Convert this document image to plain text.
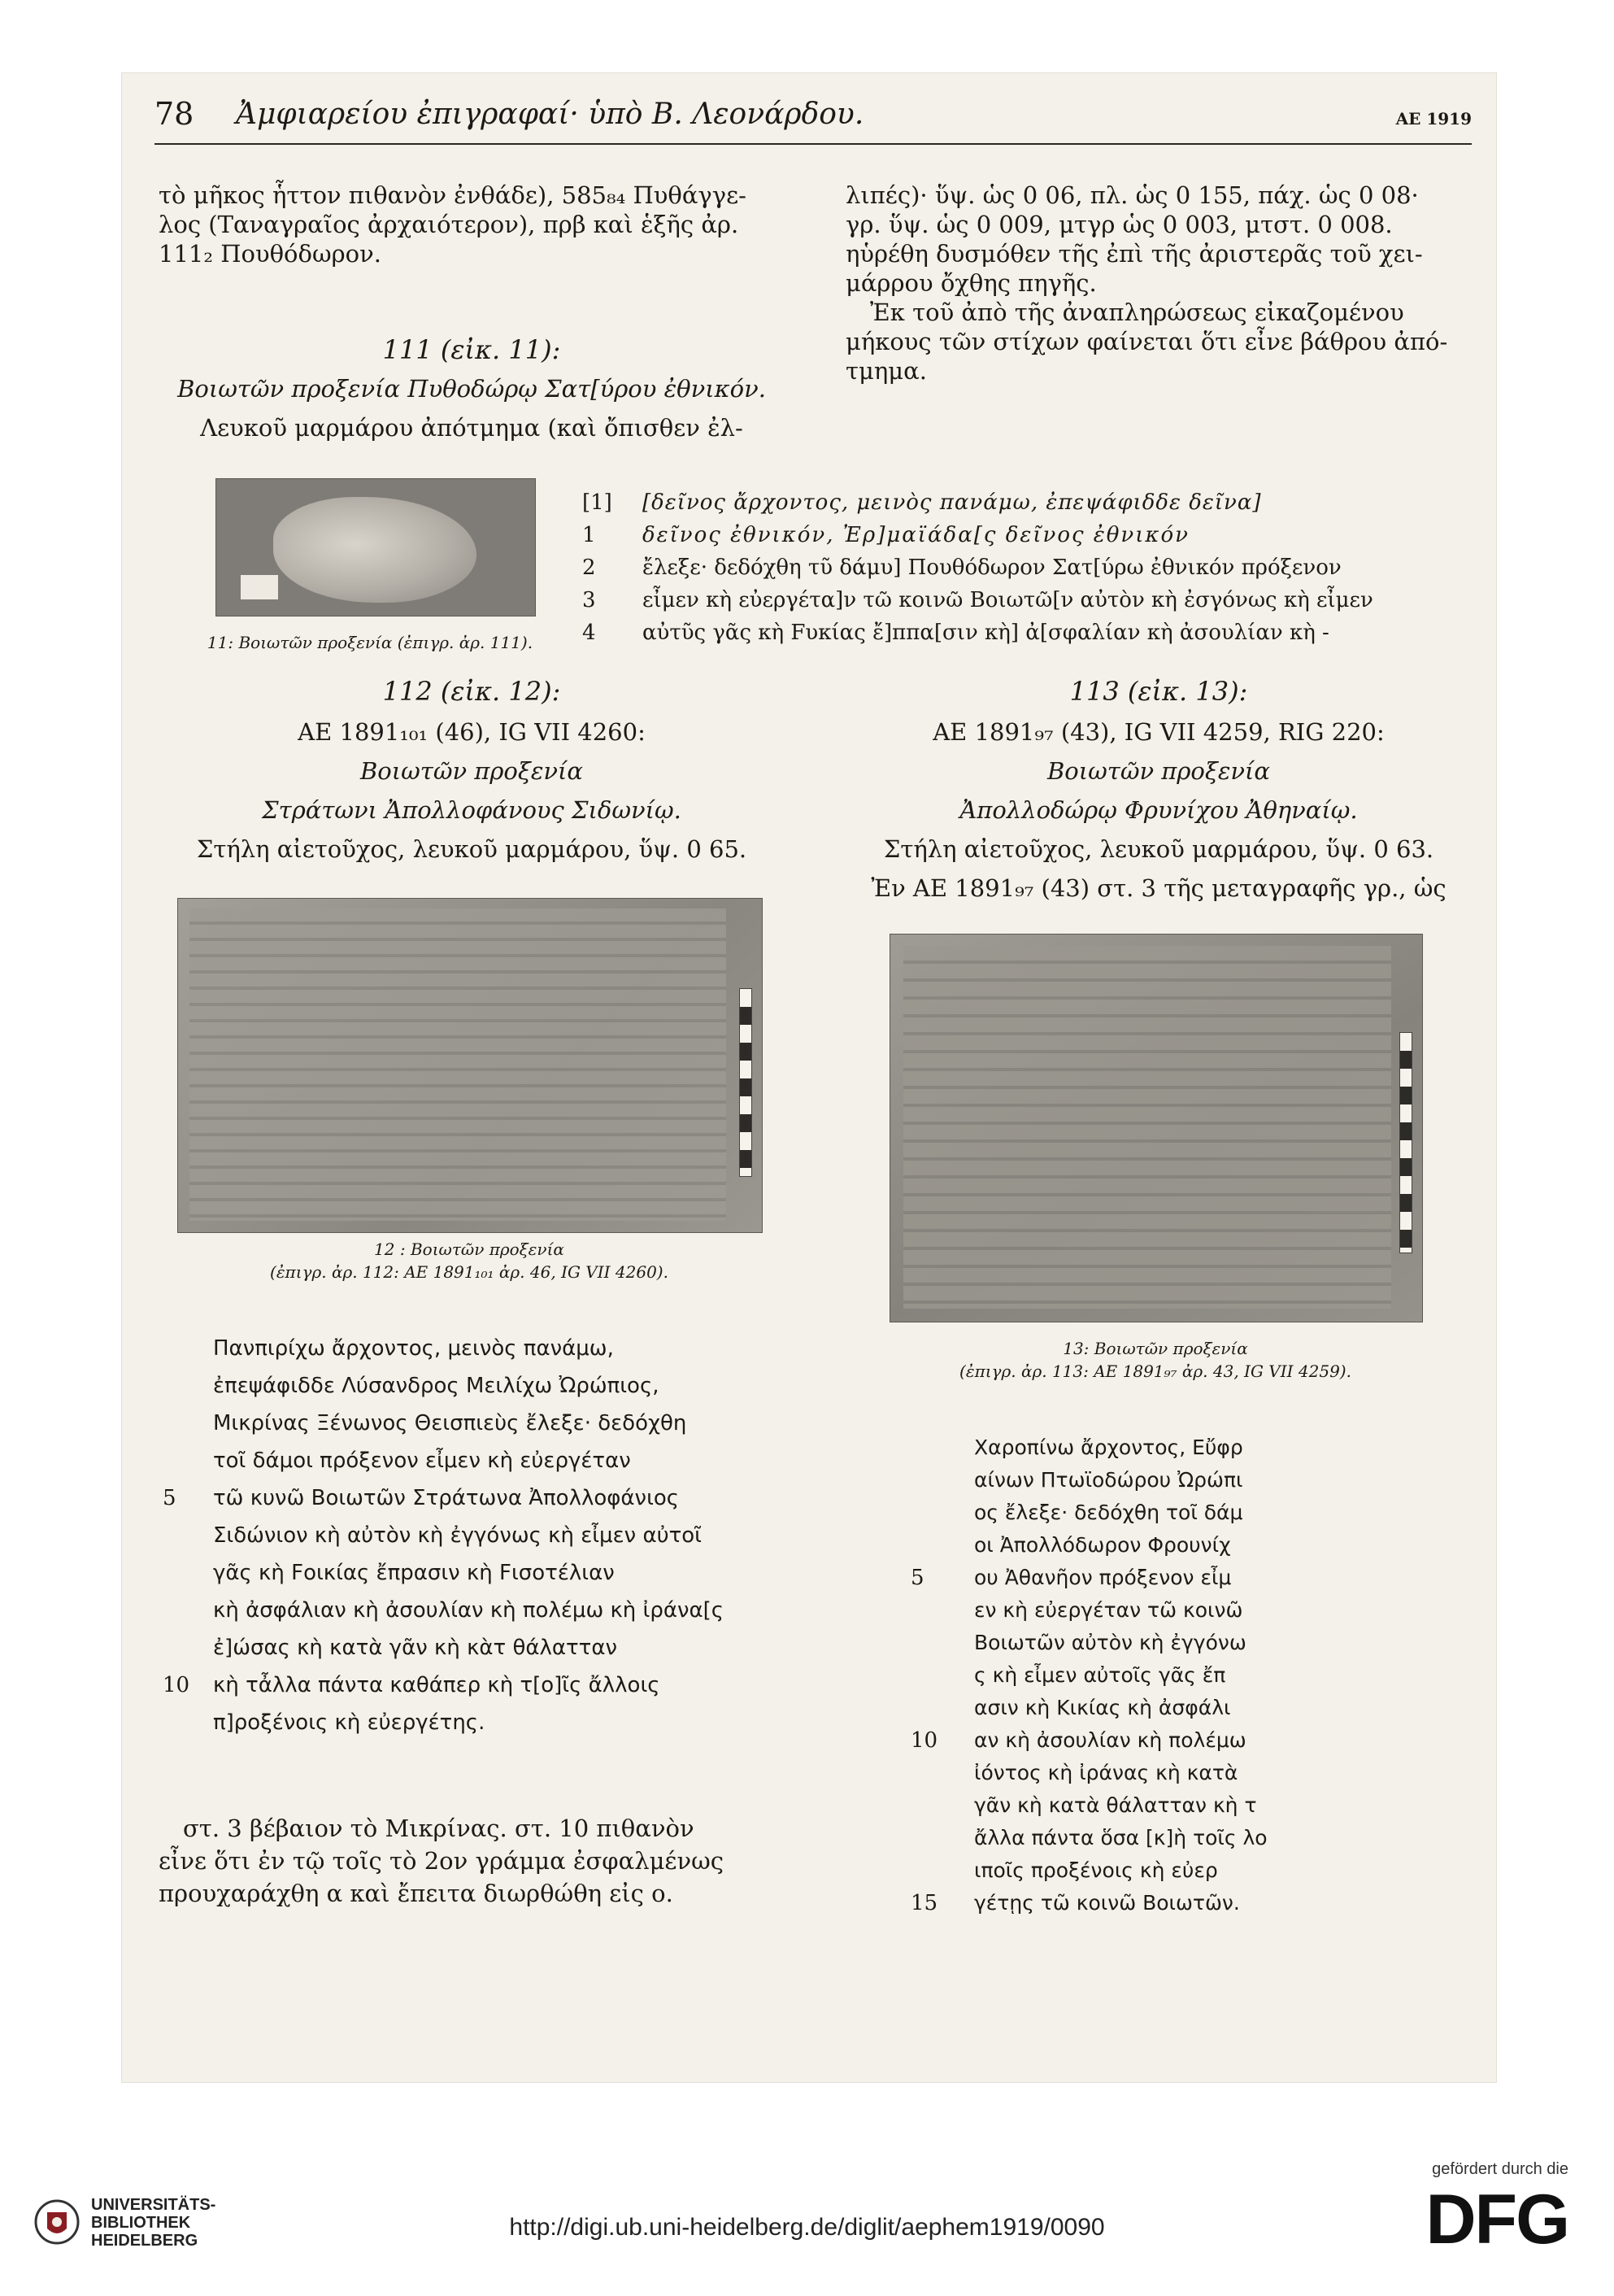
78 Ἀμφιαρείου ἐπιγραφαί· ὑπὸ Β. Λεονάρδου.	ΑΕ 1919

τὸ μῆκος ἧττον πιθανὸν ἐνθάδε), 585₈₄ Πυθάγγε-

λος (Ταναγραῖος ἀρχαιότερον), πρβ καὶ ἑξῆς ἀρ.

111₂ Πουθόδωρον.

111 (εἰκ. 11):
Βοιωτῶν προξενία Πυθοδώρῳ Σατ[ύρου ἐθνικόν.
Λευκοῦ μαρμάρου ἀπότμημα (καὶ ὄπισθεν ἐλ-

λιπές)· ὕψ. ὡς 0 06, πλ. ὡς 0 155, πάχ. ὡς 0 08·

γρ. ὕψ. ὡς 0 009, μτγρ ὡς 0 003, μτστ. 0 008.

ηὑρέθη δυσμόθεν τῆς ἐπὶ τῆς ἀριστερᾶς τοῦ χει-

μάρρου ὄχθης πηγῆς.

Ἐκ τοῦ ἀπὸ τῆς ἀναπληρώσεως εἰκαζομένου

μήκους τῶν στίχων φαίνεται ὅτι εἶνε βάθρου ἀπό-

τμημα.

11: Βοιωτῶν προξενία (ἐπιγρ. ἀρ. 111).
[1] [δεῖνος ἄρχοντος, μεινὸς πανάμω, ἐπεψάφιδδε δεῖνα]
1 δεῖνος ἐθνικόν, Ἐρ]μαϊάδα[ς δεῖνος ἐθνικόν
2 ἔλεξε· δεδόχθη τῦ δάμυ] Πουθόδωρον Σατ[ύρω ἐθνικόν πρόξενον
3 εἶμεν κὴ εὐεργέτα]ν τῶ κοινῶ Βοιωτῶ[ν αὐτὸν κὴ ἐσγόνως κὴ εἶμεν
4 αὐτῦς γᾶς κὴ Fυκίας ἔ]ππα[σιν κὴ] ἀ[σφαλίαν κὴ ἀσουλίαν κὴ -
112 (εἰκ. 12):
ΑΕ 1891₁₀₁ (46), IG VII 4260:
Βοιωτῶν προξενία
Στράτωνι Ἀπολλοφάνους Σιδωνίῳ.
Στήλη αἰετοῦχος, λευκοῦ μαρμάρου, ὕψ. 0 65.
113 (εἰκ. 13):
ΑΕ 1891₉₇ (43), IG VII 4259, RIG 220:
Βοιωτῶν προξενία
Ἀπολλοδώρῳ Φρυνίχου Ἀθηναίῳ.
Στήλη αἰετοῦχος, λευκοῦ μαρμάρου, ὕψ. 0 63.
Ἐν ΑΕ 1891₉₇ (43) στ. 3 τῆς μεταγραφῆς γρ., ὡς
12 : Βοιωτῶν προξενία
(ἐπιγρ. ἀρ. 112: ΑΕ 1891₁₀₁ ἀρ. 46, IG VII 4260).
13: Βοιωτῶν προξενία
(ἐπιγρ. ἀρ. 113: ΑΕ 1891₉₇ ἀρ. 43, IG VII 4259).
Πανπιρίχω ἄρχοντος, μεινὸς πανάμω,
ἐπεψάφιδδε Λύσανδρος Μειλίχω Ὠρώπιος,
Μικρίνας Ξένωνος Θεισπιεὺς ἔλεξε· δεδόχθη
τοῖ δάμοι πρόξενον εἶμεν κὴ εὐεργέταν
5 τῶ κυνῶ Βοιωτῶν Στράτωνα Ἀπολλοφάνιος
Σιδώνιον κὴ αὐτὸν κὴ ἐγγόνως κὴ εἶμεν αὐτοῖ
γᾶς κὴ Fοικίας ἔπpασιν κὴ Fισοτέλιαν
κὴ ἀσφάλιαν κὴ ἀσουλίαν κὴ πολέμω κὴ ἰράνα[ς
ἐ]ώσας κὴ κατὰ γᾶν κὴ κὰτ θάλατταν
10 κὴ τἆλλα πάντα καθάπερ κὴ τ[ο]ῖς ἄλλοις
π]ροξένοις κὴ εὐεργέτης.
Χαροπίνω ἄρχοντος, Εὔφρ
αίνων Πτωϊοδώρου Ὠρώπι
ος ἔλεξε· δεδόχθη τοῖ δάμ
οι Ἀπολλόδωρον Φρουνίχ
5 ου Ἀθανῆον πρόξενον εἶμ
εν κὴ εὐεργέταν τῶ κοινῶ
Βοιωτῶν αὐτὸν κὴ ἐγγόνω
ς κὴ εἶμεν αὐτοῖς γᾶς ἔπ
ασιν κὴ Κικίας κὴ ἀσφάλι
10 αν κὴ ἀσουλίαν κὴ πολέμω
ἰόντος κὴ ἰράνας κὴ κατὰ
γᾶν κὴ κατὰ θάλατταν κὴ τ
ἄλλα πάντα ὅσα [κ]ὴ τοῖς λο
ιποῖς προξένοις κὴ εὐερ
15 γέτῃς τῶ κοινῶ Βοιωτῶν.

στ. 3 βέβαιον τὸ Μικρίνας. στ. 10 πιθανὸν

εἶνε ὅτι ἐν τῷ τοῖς τὸ 2ον γράμμα ἐσφαλμένως

προυχαράχθη α καὶ ἔπειτα διωρθώθη εἰς ο.

UNIVERSITÄTS-
BIBLIOTHEK
HEIDELBERG	http://digi.ub.uni-heidelberg.de/diglit/aephem1919/0090
gefördert durch die
DFG
